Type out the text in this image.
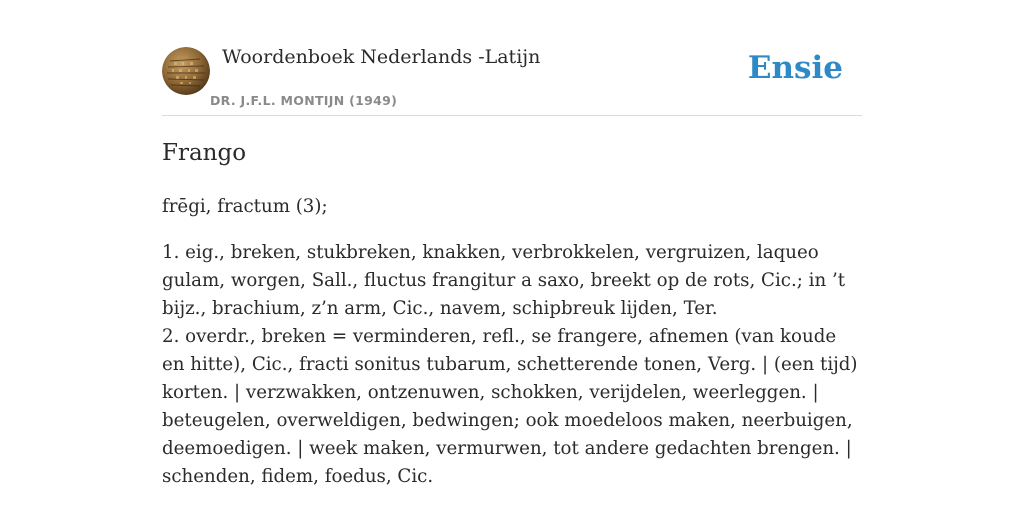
Woordenboek Nederlands -Latijn
DR. J.F.L. MONTIJN (1949)
Ensie
Frango

frēgi, fractum (3);

1. eig., breken, stukbreken, knakken, verbrokkelen, vergruizen, laqueo gulam, worgen, Sall., fluctus frangitur a saxo, breekt op de rots, Cic.; in ’t bijz., brachium, z’n arm, Cic., navem, schipbreuk lijden, Ter.

2. overdr., breken = verminderen, refl., se frangere, afnemen (van koude en hitte), Cic., fracti sonitus tubarum, schetterende tonen, Verg. | (een tijd) korten. | verzwakken, ontzenuwen, schokken, verijdelen, weerleggen. | beteugelen, overweldigen, bedwingen; ook moedeloos maken, neerbuigen, deemoedigen. | week maken, vermurwen, tot andere gedachten brengen. | schenden, fidem, foedus, Cic.
